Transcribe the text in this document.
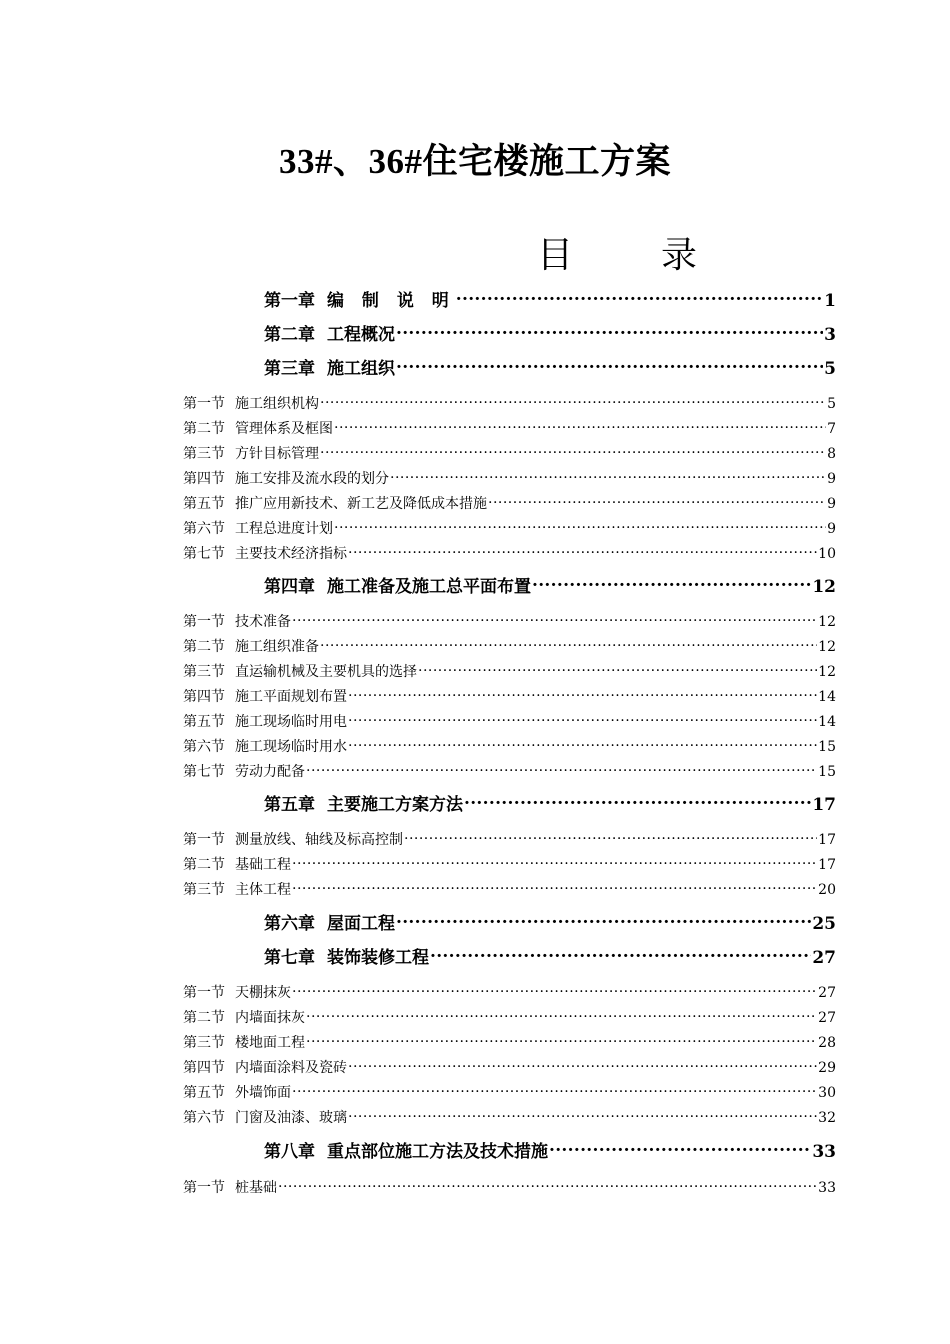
33#、36#住宅楼施工方案
目 录
第一章 编 制 说 明 .....	1
第二章 工程概况 .....	3
第三章 施工组织 .....	5
第一节 施工组织机构 .....	5
第二节 管理体系及框图 .....	7
第三节 方针目标管理 .....	8
第四节 施工安排及流水段的划分 .....	9
第五节 推广应用新技术、新工艺及降低成本措施 .....	9
第六节 工程总进度计划 .....	9
第七节 主要技术经济指标 .....	10
第四章 施工准备及施工总平面布置 .....	12
第一节 技术准备 .....	12
第二节 施工组织准备 .....	12
第三节 直运输机械及主要机具的选择 .....	12
第四节 施工平面规划布置 .....	14
第五节 施工现场临时用电 .....	14
第六节 施工现场临时用水 .....	15
第七节 劳动力配备 .....	15
第五章 主要施工方案方法 .....	17
第一节 测量放线、轴线及标高控制 .....	17
第二节 基础工程 .....	17
第三节 主体工程 .....	20
第六章 屋面工程 .....	25
第七章 装饰装修工程 .....	27
第一节 天棚抹灰 .....	27
第二节 内墙面抹灰 .....	27
第三节 楼地面工程 .....	28
第四节 内墙面涂料及瓷砖 .....	29
第五节 外墙饰面 .....	30
第六节 门窗及油漆、玻璃 .....	32
第八章 重点部位施工方法及技术措施 .....	33
第一节 桩基础 .....	33
